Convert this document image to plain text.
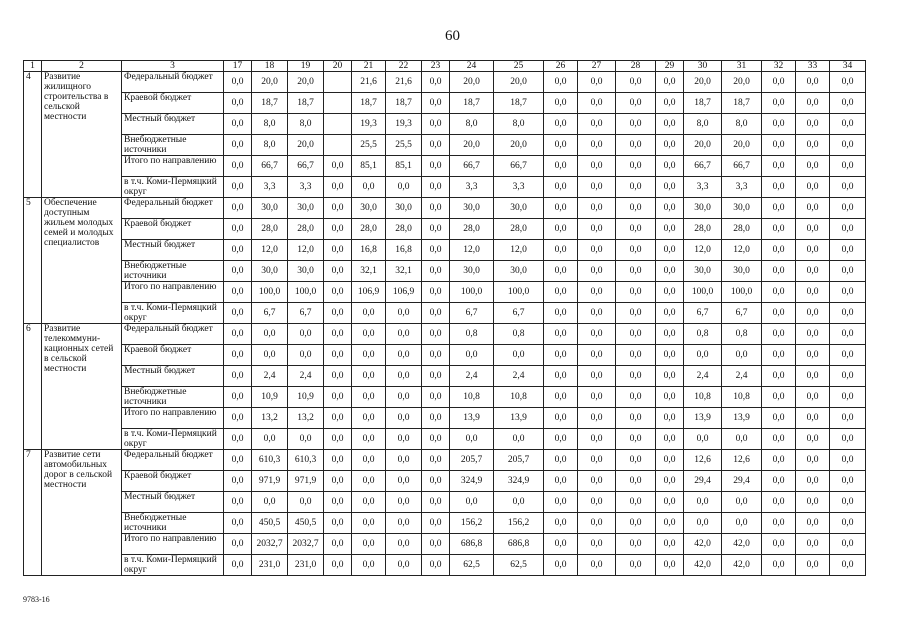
60
1	2	3	17	18	19	20	21	22	23	24	25	26	27	28	29	30	31	32	33	34
4	Развитие жилищного строительства в сельской местности	Федеральный бюджет	0,0	20,0	20,0		21,6	21,6	0,0	20,0	20,0	0,0	0,0	0,0	0,0	20,0	20,0	0,0	0,0	0,0
		Краевой бюджет	0,0	18,7	18,7		18,7	18,7	0,0	18,7	18,7	0,0	0,0	0,0	0,0	18,7	18,7	0,0	0,0	0,0
		Местный бюджет	0,0	8,0	8,0		19,3	19,3	0,0	8,0	8,0	0,0	0,0	0,0	0,0	8,0	8,0	0,0	0,0	0,0
		Внебюджетные источники	0,0	8,0	20,0		25,5	25,5	0,0	20,0	20,0	0,0	0,0	0,0	0,0	20,0	20,0	0,0	0,0	0,0
		Итого по направлению	0,0	66,7	66,7	0,0	85,1	85,1	0,0	66,7	66,7	0,0	0,0	0,0	0,0	66,7	66,7	0,0	0,0	0,0
		в т.ч. Коми-Пермяцкий округ	0,0	3,3	3,3	0,0	0,0	0,0	0,0	3,3	3,3	0,0	0,0	0,0	0,0	3,3	3,3	0,0	0,0	0,0
5	Обеспечение доступным жильем молодых семей и молодых специалистов	Федеральный бюджет	0,0	30,0	30,0	0,0	30,0	30,0	0,0	30,0	30,0	0,0	0,0	0,0	0,0	30,0	30,0	0,0	0,0	0,0
		Краевой бюджет	0,0	28,0	28,0	0,0	28,0	28,0	0,0	28,0	28,0	0,0	0,0	0,0	0,0	28,0	28,0	0,0	0,0	0,0
		Местный бюджет	0,0	12,0	12,0	0,0	16,8	16,8	0,0	12,0	12,0	0,0	0,0	0,0	0,0	12,0	12,0	0,0	0,0	0,0
		Внебюджетные источники	0,0	30,0	30,0	0,0	32,1	32,1	0,0	30,0	30,0	0,0	0,0	0,0	0,0	30,0	30,0	0,0	0,0	0,0
		Итого по направлению	0,0	100,0	100,0	0,0	106,9	106,9	0,0	100,0	100,0	0,0	0,0	0,0	0,0	100,0	100,0	0,0	0,0	0,0
		в т.ч. Коми-Пермяцкий округ	0,0	6,7	6,7	0,0	0,0	0,0	0,0	6,7	6,7	0,0	0,0	0,0	0,0	6,7	6,7	0,0	0,0	0,0
6	Развитие телекоммуни-кационных сетей в сельской местности	Федеральный бюджет	0,0	0,0	0,0	0,0	0,0	0,0	0,0	0,8	0,8	0,0	0,0	0,0	0,0	0,8	0,8	0,0	0,0	0,0
		Краевой бюджет	0,0	0,0	0,0	0,0	0,0	0,0	0,0	0,0	0,0	0,0	0,0	0,0	0,0	0,0	0,0	0,0	0,0	0,0
		Местный бюджет	0,0	2,4	2,4	0,0	0,0	0,0	0,0	2,4	2,4	0,0	0,0	0,0	0,0	2,4	2,4	0,0	0,0	0,0
		Внебюджетные источники	0,0	10,9	10,9	0,0	0,0	0,0	0,0	10,8	10,8	0,0	0,0	0,0	0,0	10,8	10,8	0,0	0,0	0,0
		Итого по направлению	0,0	13,2	13,2	0,0	0,0	0,0	0,0	13,9	13,9	0,0	0,0	0,0	0,0	13,9	13,9	0,0	0,0	0,0
		в т.ч. Коми-Пермяцкий округ	0,0	0,0	0,0	0,0	0,0	0,0	0,0	0,0	0,0	0,0	0,0	0,0	0,0	0,0	0,0	0,0	0,0	0,0
7	Развитие сети автомобильных дорог в сельской местности	Федеральный бюджет	0,0	610,3	610,3	0,0	0,0	0,0	0,0	205,7	205,7	0,0	0,0	0,0	0,0	12,6	12,6	0,0	0,0	0,0
		Краевой бюджет	0,0	971,9	971,9	0,0	0,0	0,0	0,0	324,9	324,9	0,0	0,0	0,0	0,0	29,4	29,4	0,0	0,0	0,0
		Местный бюджет	0,0	0,0	0,0	0,0	0,0	0,0	0,0	0,0	0,0	0,0	0,0	0,0	0,0	0,0	0,0	0,0	0,0	0,0
		Внебюджетные источники	0,0	450,5	450,5	0,0	0,0	0,0	0,0	156,2	156,2	0,0	0,0	0,0	0,0	0,0	0,0	0,0	0,0	0,0
		Итого по направлению	0,0	2032,7	2032,7	0,0	0,0	0,0	0,0	686,8	686,8	0,0	0,0	0,0	0,0	42,0	42,0	0,0	0,0	0,0
		в т.ч. Коми-Пермяцкий округ	0,0	231,0	231,0	0,0	0,0	0,0	0,0	62,5	62,5	0,0	0,0	0,0	0,0	42,0	42,0	0,0	0,0	0,0
9783-16
